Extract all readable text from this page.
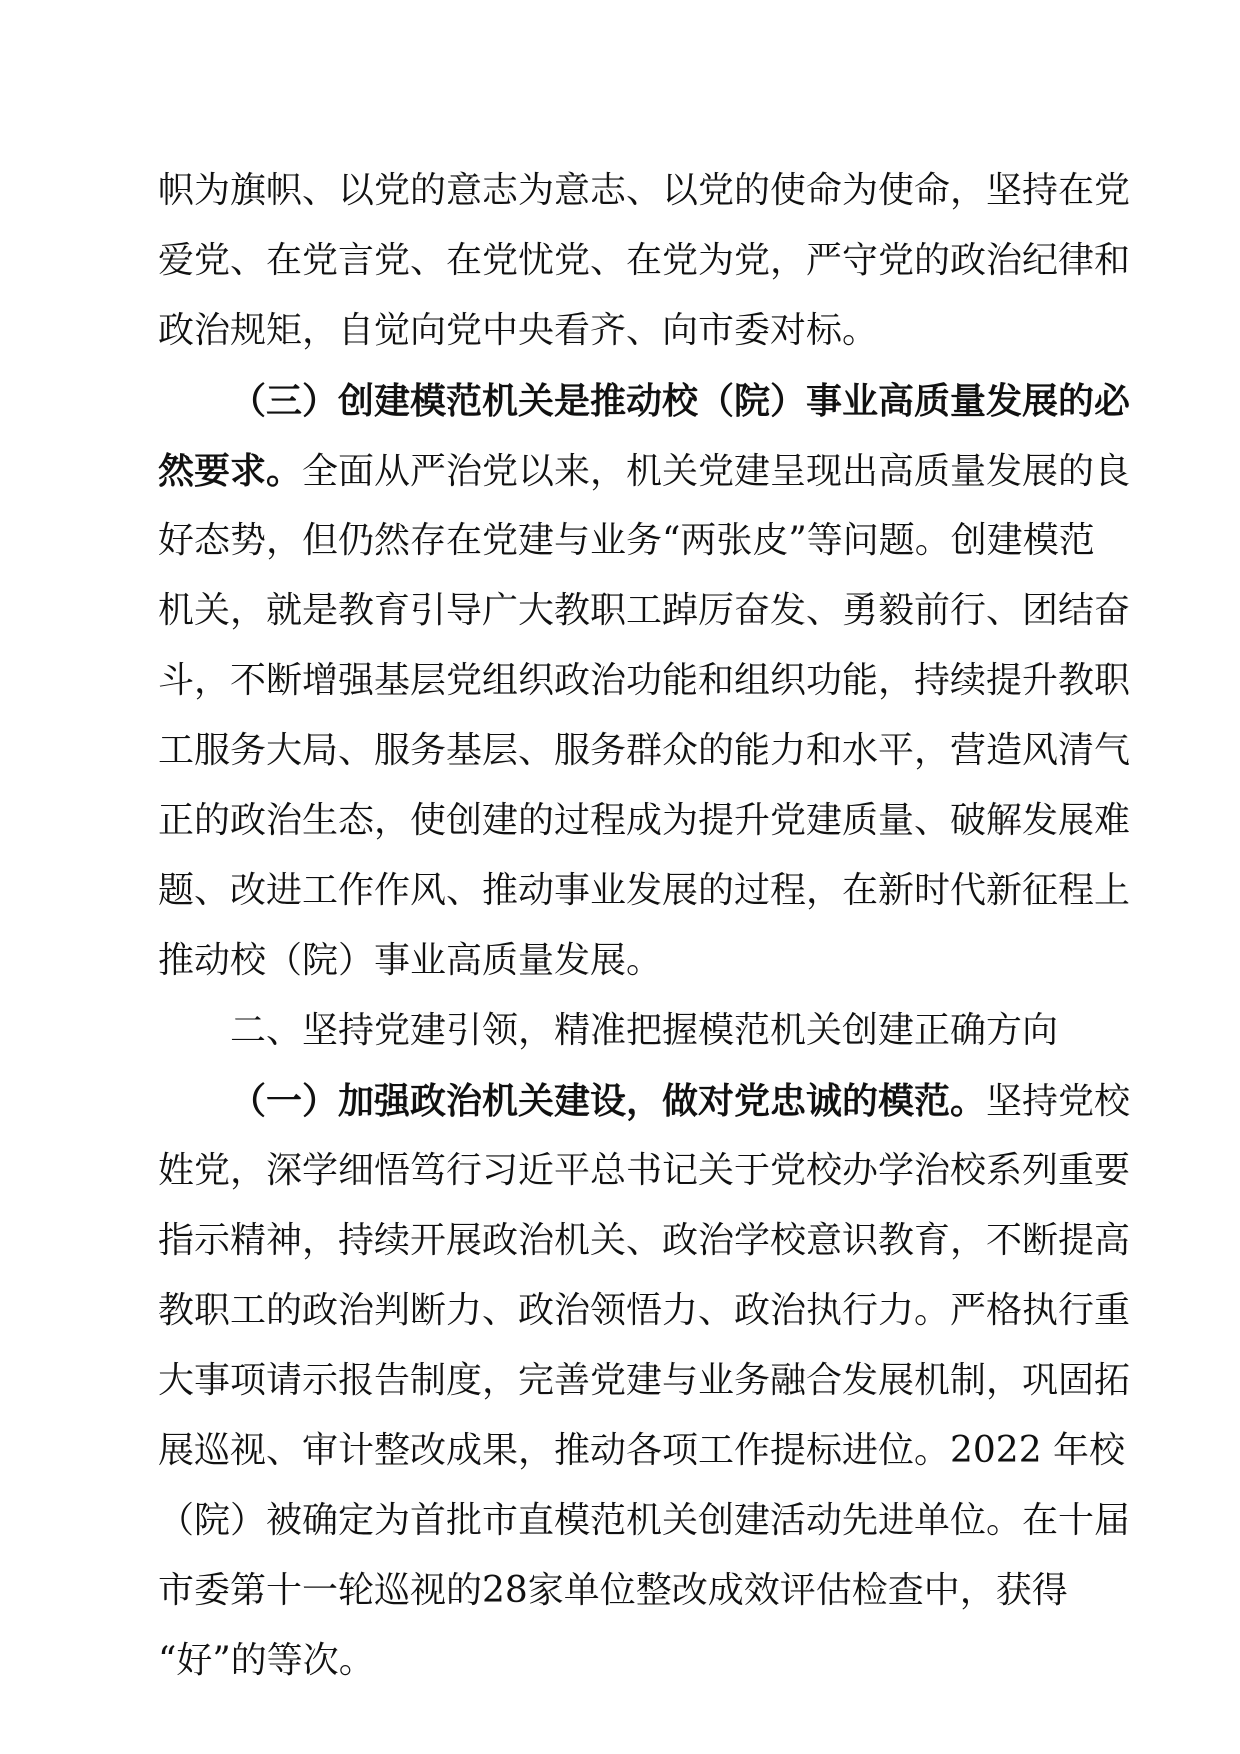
帜为旗帜、以党的意志为意志、以党的使命为使命，坚持在党
爱党、在党言党、在党忧党、在党为党，严守党的政治纪律和
政治规矩，自觉向党中央看齐、向市委对标。
（三）创建模范机关是推动校（院）事业高质量发展的必
然要求。全面从严治党以来，机关党建呈现出高质量发展的良
好态势，但仍然存在党建与业务“两张皮”等问题。创建模范
机关，就是教育引导广大教职工踔厉奋发、勇毅前行、团结奋
斗，不断增强基层党组织政治功能和组织功能，持续提升教职
工服务大局、服务基层、服务群众的能力和水平，营造风清气
正的政治生态，使创建的过程成为提升党建质量、破解发展难
题、改进工作作风、推动事业发展的过程，在新时代新征程上
推动校（院）事业高质量发展。
二、坚持党建引领，精准把握模范机关创建正确方向
（一）加强政治机关建设，做对党忠诚的模范。坚持党校
姓党，深学细悟笃行习近平总书记关于党校办学治校系列重要
指示精神，持续开展政治机关、政治学校意识教育，不断提高
教职工的政治判断力、政治领悟力、政治执行力。严格执行重
大事项请示报告制度，完善党建与业务融合发展机制，巩固拓
展巡视、审计整改成果，推动各项工作提标进位。2022 年校
（院）被确定为首批市直模范机关创建活动先进单位。在十届
市委第十一轮巡视的28家单位整改成效评估检查中，获得
“好”的等次。
